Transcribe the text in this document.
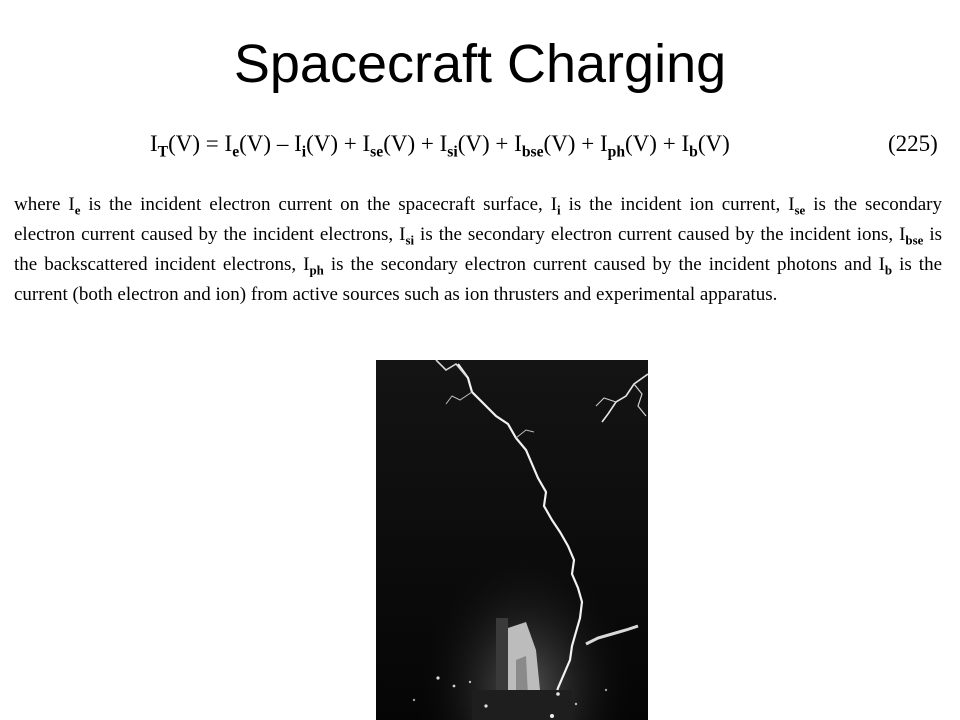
Spacecraft Charging
$I_T(V) = I_e(V) - I_i(V) + I_{se}(V) + I_{si}(V) + I_{bse}(V) + I_{ph}(V) + I_b(V)$	(225)
where $I_e$ is the incident electron current on the spacecraft surface, $I_i$ is the incident ion current, $I_{se}$ is the secondary electron current caused by the incident electrons, $I_{si}$ is the secondary electron current caused by the incident ions, $I_{bse}$ is the backscattered incident electrons, $I_{ph}$ is the secondary electron current caused by the incident photons and $I_b$ is the current (both electron and ion) from active sources such as ion thrusters and experimental apparatus.
